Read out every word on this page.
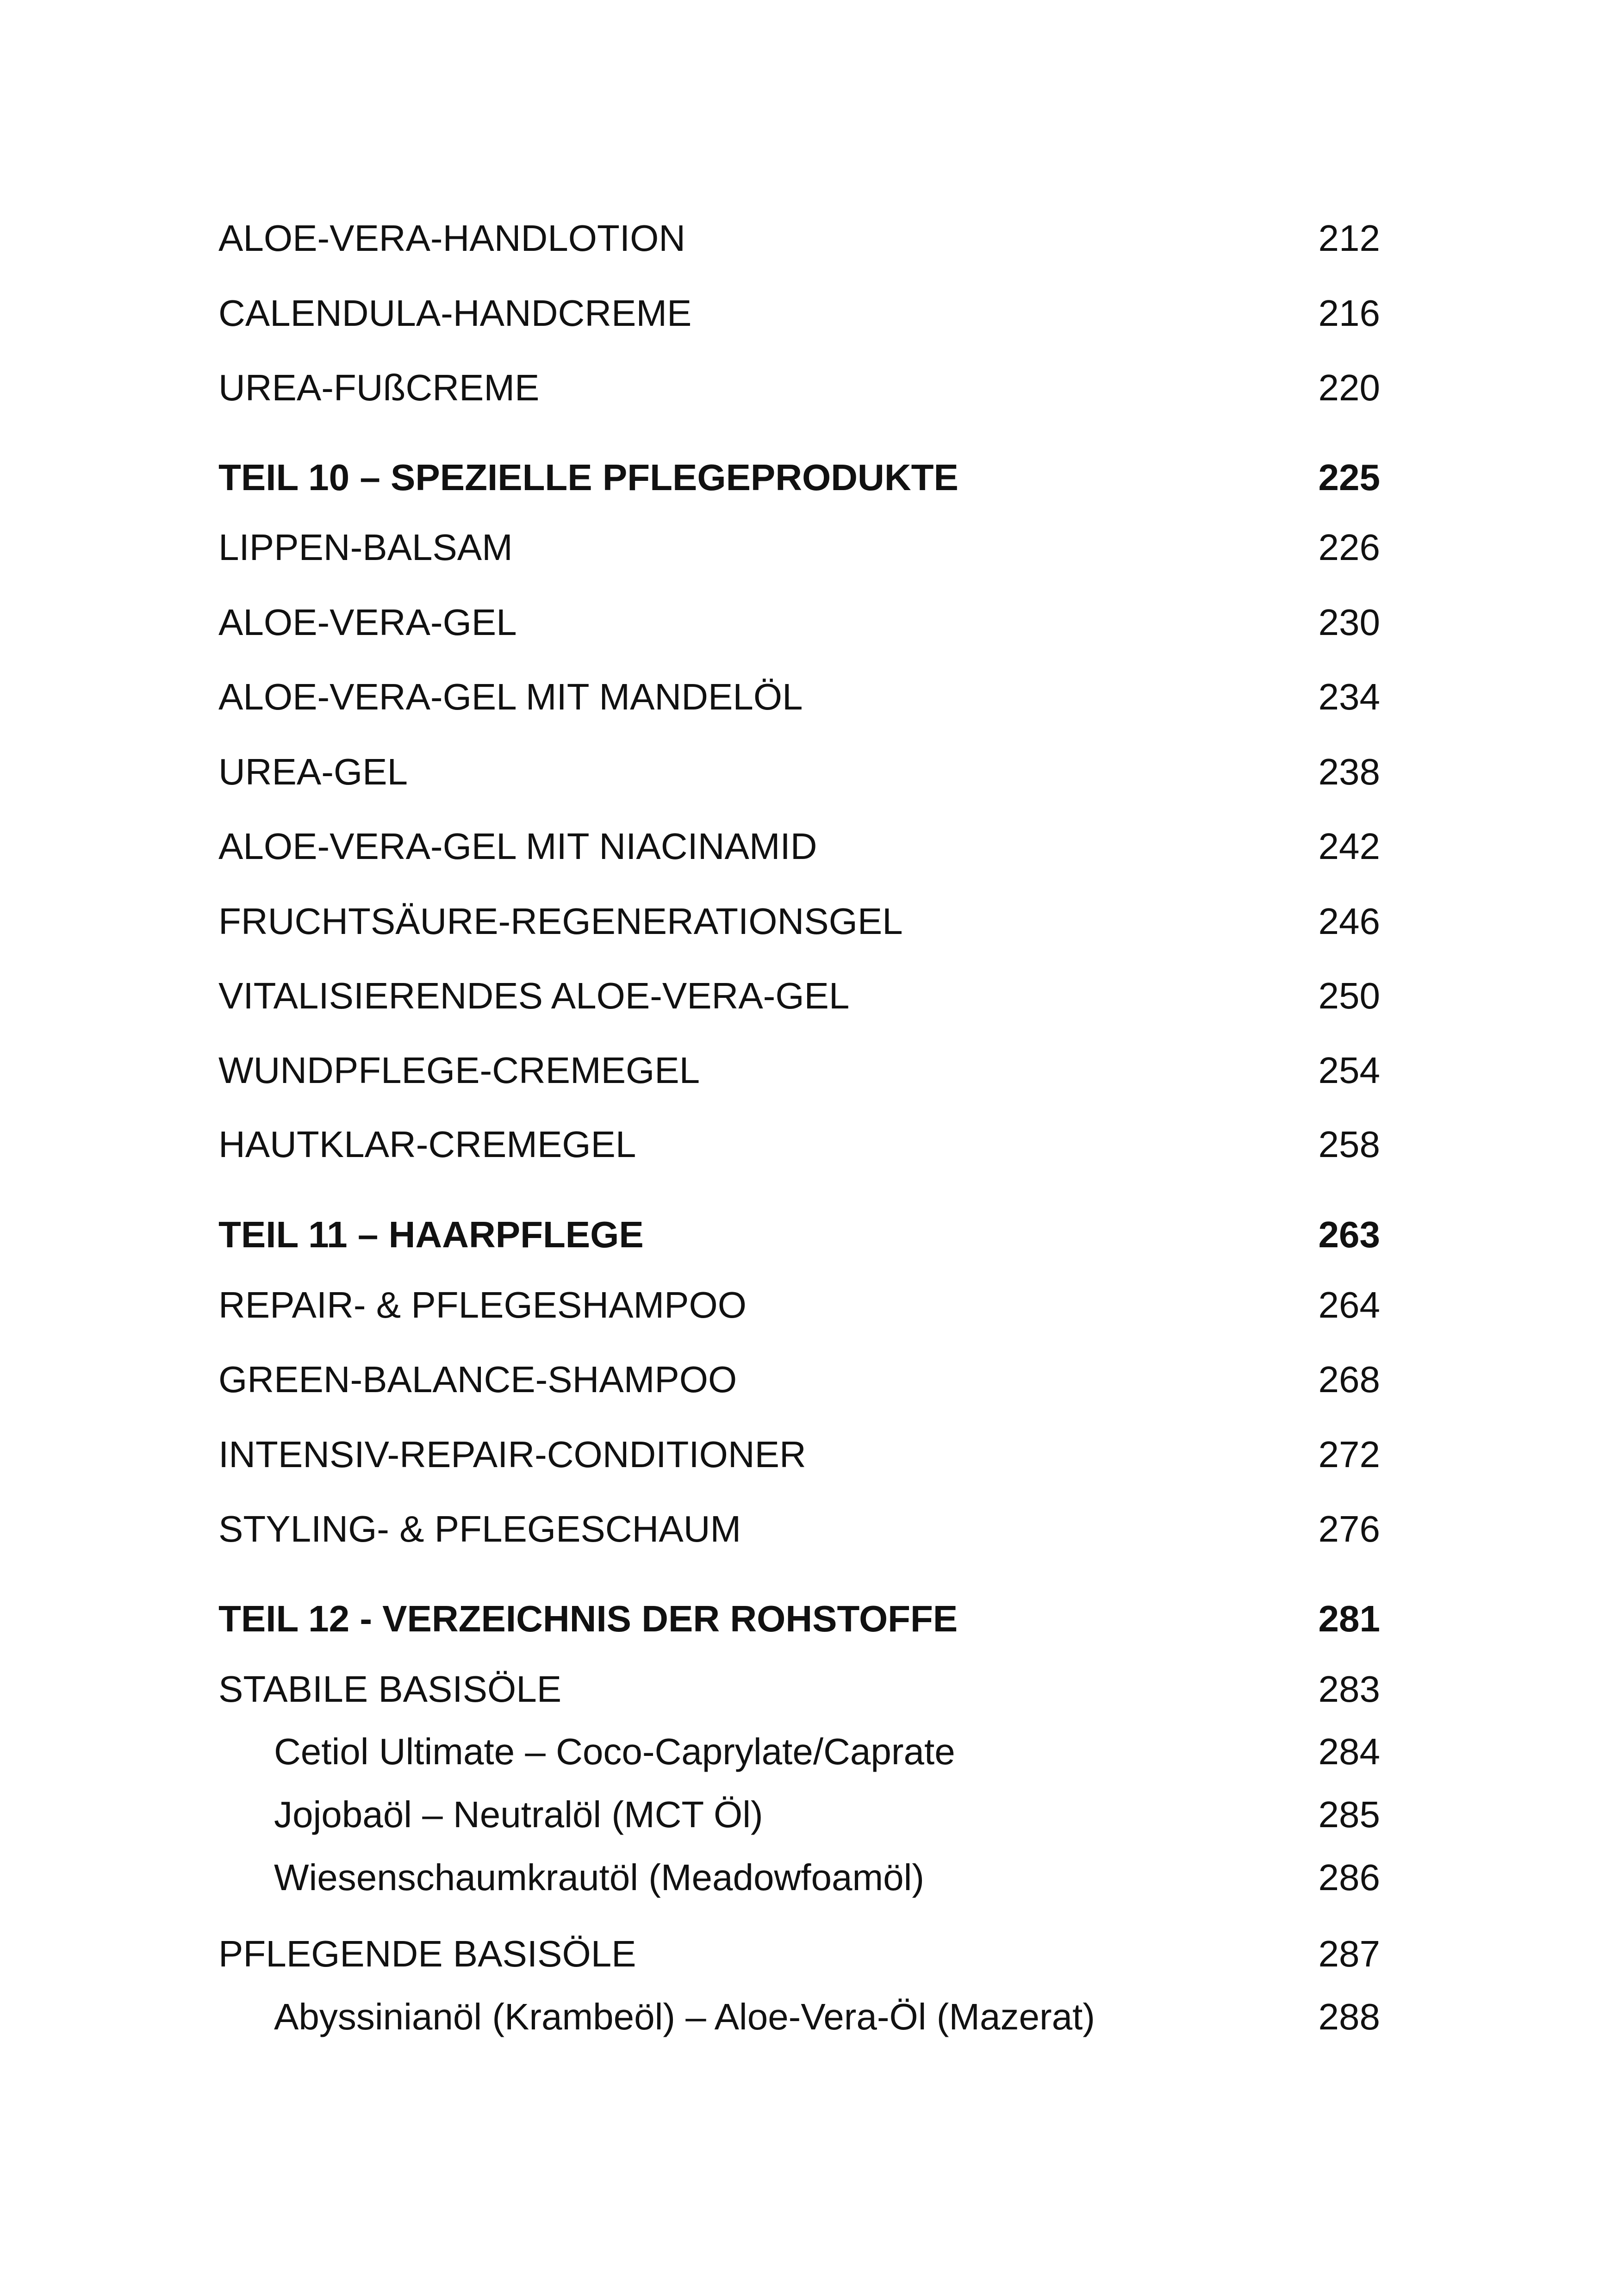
ALOE-VERA-HANDLOTION	212
CALENDULA-HANDCREME	216
UREA-FUßCREME	220
TEIL 10 – SPEZIELLE PFLEGEPRODUKTE	225
LIPPEN-BALSAM	226
ALOE-VERA-GEL	230
ALOE-VERA-GEL MIT MANDELÖL	234
UREA-GEL	238
ALOE-VERA-GEL MIT NIACINAMID	242
FRUCHTSÄURE-REGENERATIONSGEL	246
VITALISIERENDES ALOE-VERA-GEL	250
WUNDPFLEGE-CREMEGEL	254
HAUTKLAR-CREMEGEL	258
TEIL 11 – HAARPFLEGE	263
REPAIR- & PFLEGESHAMPOO	264
GREEN-BALANCE-SHAMPOO	268
INTENSIV-REPAIR-CONDITIONER	272
STYLING- & PFLEGESCHAUM	276
TEIL 12 - VERZEICHNIS DER ROHSTOFFE	281
STABILE BASISÖLE	283
Cetiol Ultimate – Coco-Caprylate/Caprate	284
Jojobaöl – Neutralöl (MCT Öl)	285
Wiesenschaumkrautöl (Meadowfoamöl)	286
PFLEGENDE BASISÖLE	287
Abyssinianöl (Krambeöl) – Aloe-Vera-Öl (Mazerat)	288
